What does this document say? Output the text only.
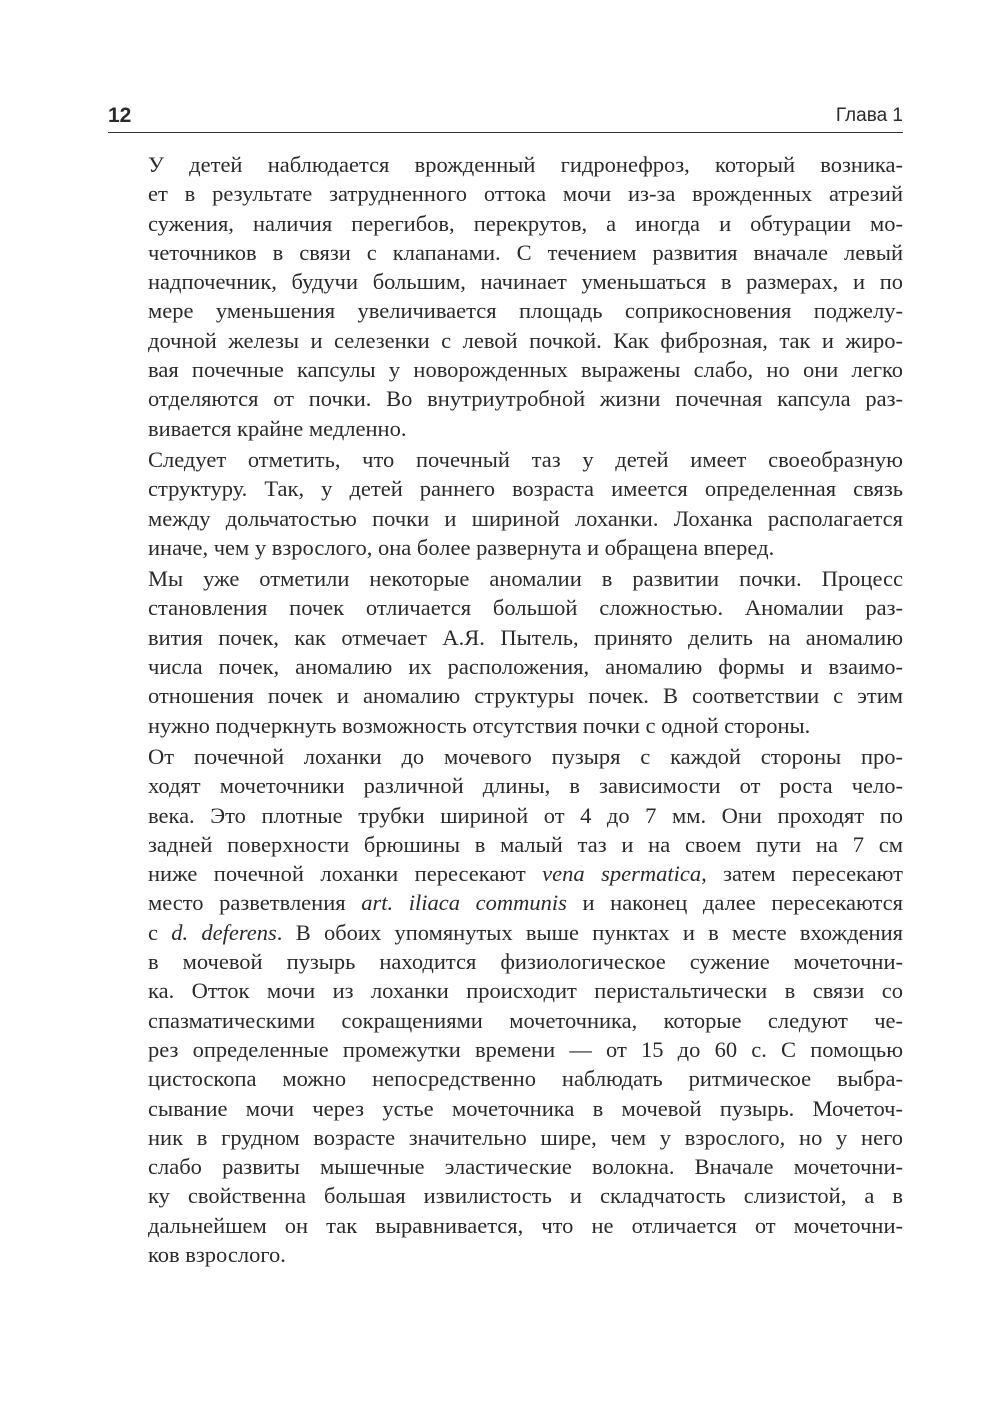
12	Глава 1

У детей наблюдается врожденный гидронефроз, который возника-
ет в результате затрудненного оттока мочи из-за врожденных атрезий
сужения, наличия перегибов, перекрутов, а иногда и обтурации мо-
четочников в связи с клапанами. С течением развития вначале левый
надпочечник, будучи большим, начинает уменьшаться в размерах, и по
мере уменьшения увеличивается площадь соприкосновения поджелу-
дочной железы и селезенки с левой почкой. Как фиброзная, так и жиро-
вая почечные капсулы у новорожденных выражены слабо, но они легко
отделяются от почки. Во внутриутробной жизни почечная капсула раз-
вивается крайне медленно.

Следует отметить, что почечный таз у детей имеет своеобразную
структуру. Так, у детей раннего возраста имеется определенная связь
между дольчатостью почки и шириной лоханки. Лоханка располагается
иначе, чем у взрослого, она более развернута и обращена вперед.

Мы уже отметили некоторые аномалии в развитии почки. Процесс
становления почек отличается большой сложностью. Аномалии раз-
вития почек, как отмечает А.Я. Пытель, принято делить на аномалию
числа почек, аномалию их расположения, аномалию формы и взаимо-
отношения почек и аномалию структуры почек. В соответствии с этим
нужно подчеркнуть возможность отсутствия почки с одной стороны.

От почечной лоханки до мочевого пузыря с каждой стороны про-
ходят мочеточники различной длины, в зависимости от роста чело-
века. Это плотные трубки шириной от 4 до 7 мм. Они проходят по
задней поверхности брюшины в малый таз и на своем пути на 7 см
ниже почечной лоханки пересекают vena spermatica, затем пересекают
место разветвления art. iliaca communis и наконец далее пересекаются
с d. deferens. В обоих упомянутых выше пунктах и в месте вхождения
в мочевой пузырь находится физиологическое сужение мочеточни-
ка. Отток мочи из лоханки происходит перистальтически в связи со
спазматическими сокращениями мочеточника, которые следуют че-
рез определенные промежутки времени — от 15 до 60 с. С помощью
цистоскопа можно непосредственно наблюдать ритмическое выбра-
сывание мочи через устье мочеточника в мочевой пузырь. Мочеточ-
ник в грудном возрасте значительно шире, чем у взрослого, но у него
слабо развиты мышечные эластические волокна. Вначале мочеточни-
ку свойственна большая извилистость и складчатость слизистой, а в
дальнейшем он так выравнивается, что не отличается от мочеточни-
ков взрослого.
